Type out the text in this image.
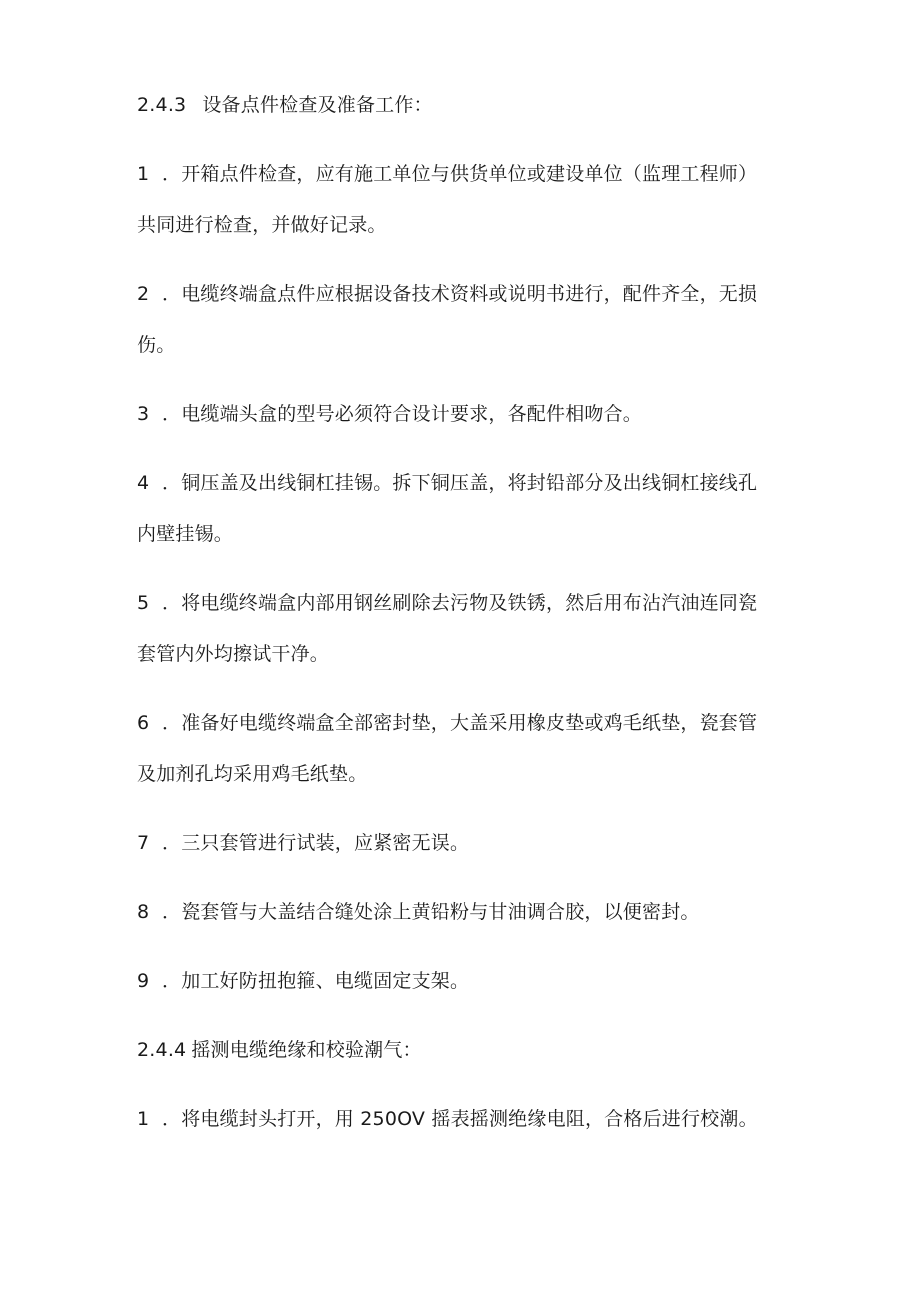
2.4.3 设备点件检查及准备工作：

1 ．开箱点件检查，应有施工单位与供货单位或建设单位（监理工程师）

共同进行检查，并做好记录。

2 ．电缆终端盒点件应根据设备技术资料或说明书进行，配件齐全，无损

伤。

3 ．电缆端头盒的型号必须符合设计要求，各配件相吻合。

4 ．铜压盖及出线铜杠挂锡。拆下铜压盖，将封铅部分及出线铜杠接线孔

内壁挂锡。

5 ．将电缆终端盒内部用钢丝刷除去污物及铁锈，然后用布沾汽油连同瓷

套管内外均擦试干净。

6 ．准备好电缆终端盒全部密封垫，大盖采用橡皮垫或鸡毛纸垫，瓷套管

及加剂孔均采用鸡毛纸垫。

7 ．三只套管进行试装，应紧密无误。

8 ．瓷套管与大盖结合缝处涂上黄铅粉与甘油调合胶，以便密封。

9 ．加工好防扭抱箍、电缆固定支架。

2.4.4 摇测电缆绝缘和校验潮气：

1 ．将电缆封头打开，用 250OV 摇表摇测绝缘电阻，合格后进行校潮。
